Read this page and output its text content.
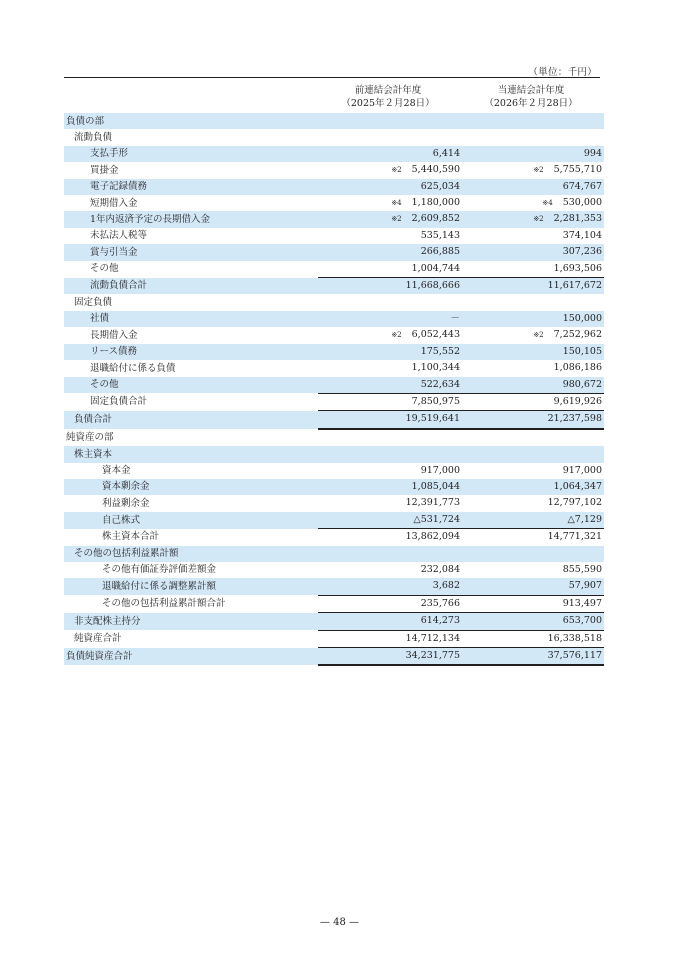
（単位：千円）
前連結会計年度
（2025年２月28日）
当連結会計年度
（2026年２月28日）
負債の部		
流動負債		
支払手形	6,414	994
買掛金	※2 5,440,590	※2 5,755,710
電子記録債務	625,034	674,767
短期借入金	※4 1,180,000	※4 530,000
1年内返済予定の長期借入金	※2 2,609,852	※2 2,281,353
未払法人税等	535,143	374,104
賞与引当金	266,885	307,236
その他	1,004,744	1,693,506
流動負債合計	11,668,666	11,617,672
固定負債		
社債	－	150,000
長期借入金	※2 6,052,443	※2 7,252,962
リース債務	175,552	150,105
退職給付に係る負債	1,100,344	1,086,186
その他	522,634	980,672
固定負債合計	7,850,975	9,619,926
負債合計	19,519,641	21,237,598
純資産の部		
株主資本		
資本金	917,000	917,000
資本剰余金	1,085,044	1,064,347
利益剰余金	12,391,773	12,797,102
自己株式	△531,724	△7,129
株主資本合計	13,862,094	14,771,321
その他の包括利益累計額		
その他有価証券評価差額金	232,084	855,590
退職給付に係る調整累計額	3,682	57,907
その他の包括利益累計額合計	235,766	913,497
非支配株主持分	614,273	653,700
純資産合計	14,712,134	16,338,518
負債純資産合計	34,231,775	37,576,117
— 48 —
